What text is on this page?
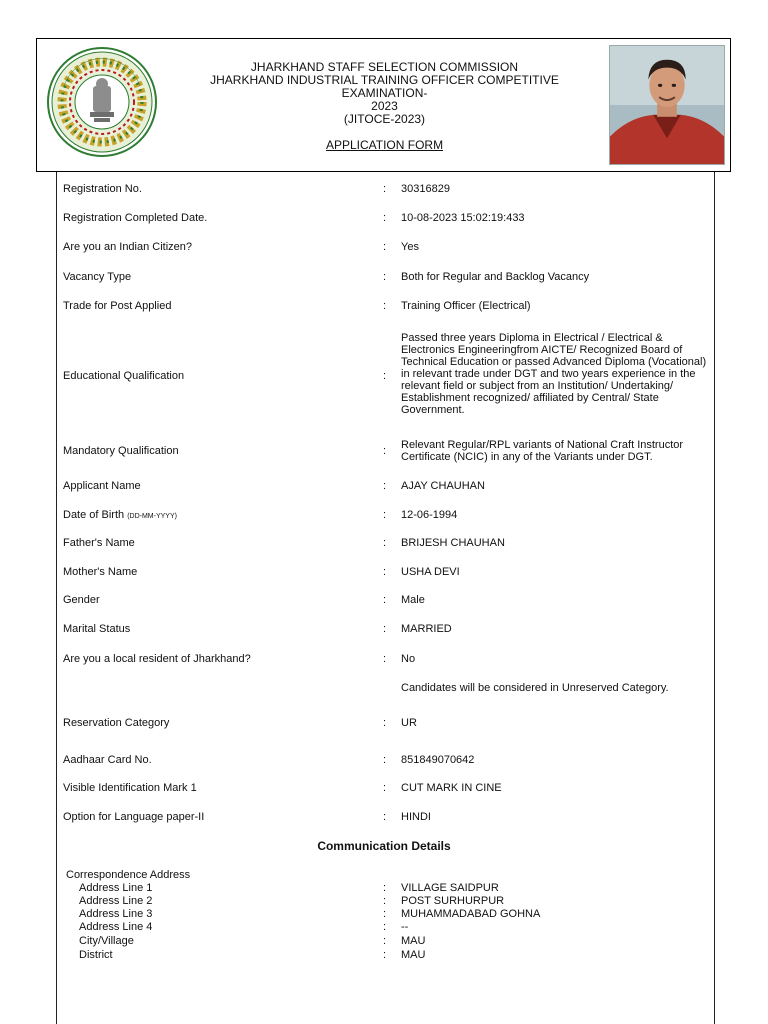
JHARKHAND STAFF SELECTION COMMISSION
JHARKHAND INDUSTRIAL TRAINING OFFICER COMPETITIVE EXAMINATION-
2023
(JITOCE-2023)
APPLICATION FORM
Registration No.	: 30316829
Registration Completed Date.	: 10-08-2023 15:02:19:433
Are you an Indian Citizen?	: Yes
Vacancy Type	: Both for Regular and Backlog Vacancy
Trade for Post Applied	: Training Officer (Electrical)
Educational Qualification	:
Passed three years Diploma in Electrical / Electrical & Electronics Engineeringfrom AICTE/ Recognized Board of Technical Education or passed Advanced Diploma (Vocational) in relevant trade under DGT and two years experience in the relevant field or subject from an Institution/ Undertaking/ Establishment recognized/ affiliated by Central/ State Government.
Mandatory Qualification	: Relevant Regular/RPL variants of National Craft Instructor Certificate (NCIC) in any of the Variants under DGT.
Applicant Name	: AJAY CHAUHAN
Date of Birth (DD-MM-YYYY)	: 12-06-1994
Father's Name	: BRIJESH CHAUHAN
Mother's Name	: USHA DEVI
Gender	: Male
Marital Status	: MARRIED
Are you a local resident of Jharkhand?	: No
Candidates will be considered in Unreserved Category.
Reservation Category	: UR
Aadhaar Card No.	: 851849070642
Visible Identification Mark 1	: CUT MARK IN CINE
Option for Language paper-II	: HINDI
Communication Details
Correspondence Address
Address Line 1	: VILLAGE SAIDPUR
Address Line 2	: POST SURHURPUR
Address Line 3	: MUHAMMADABAD GOHNA
Address Line 4	: --
City/Village	: MAU
District	: MAU
